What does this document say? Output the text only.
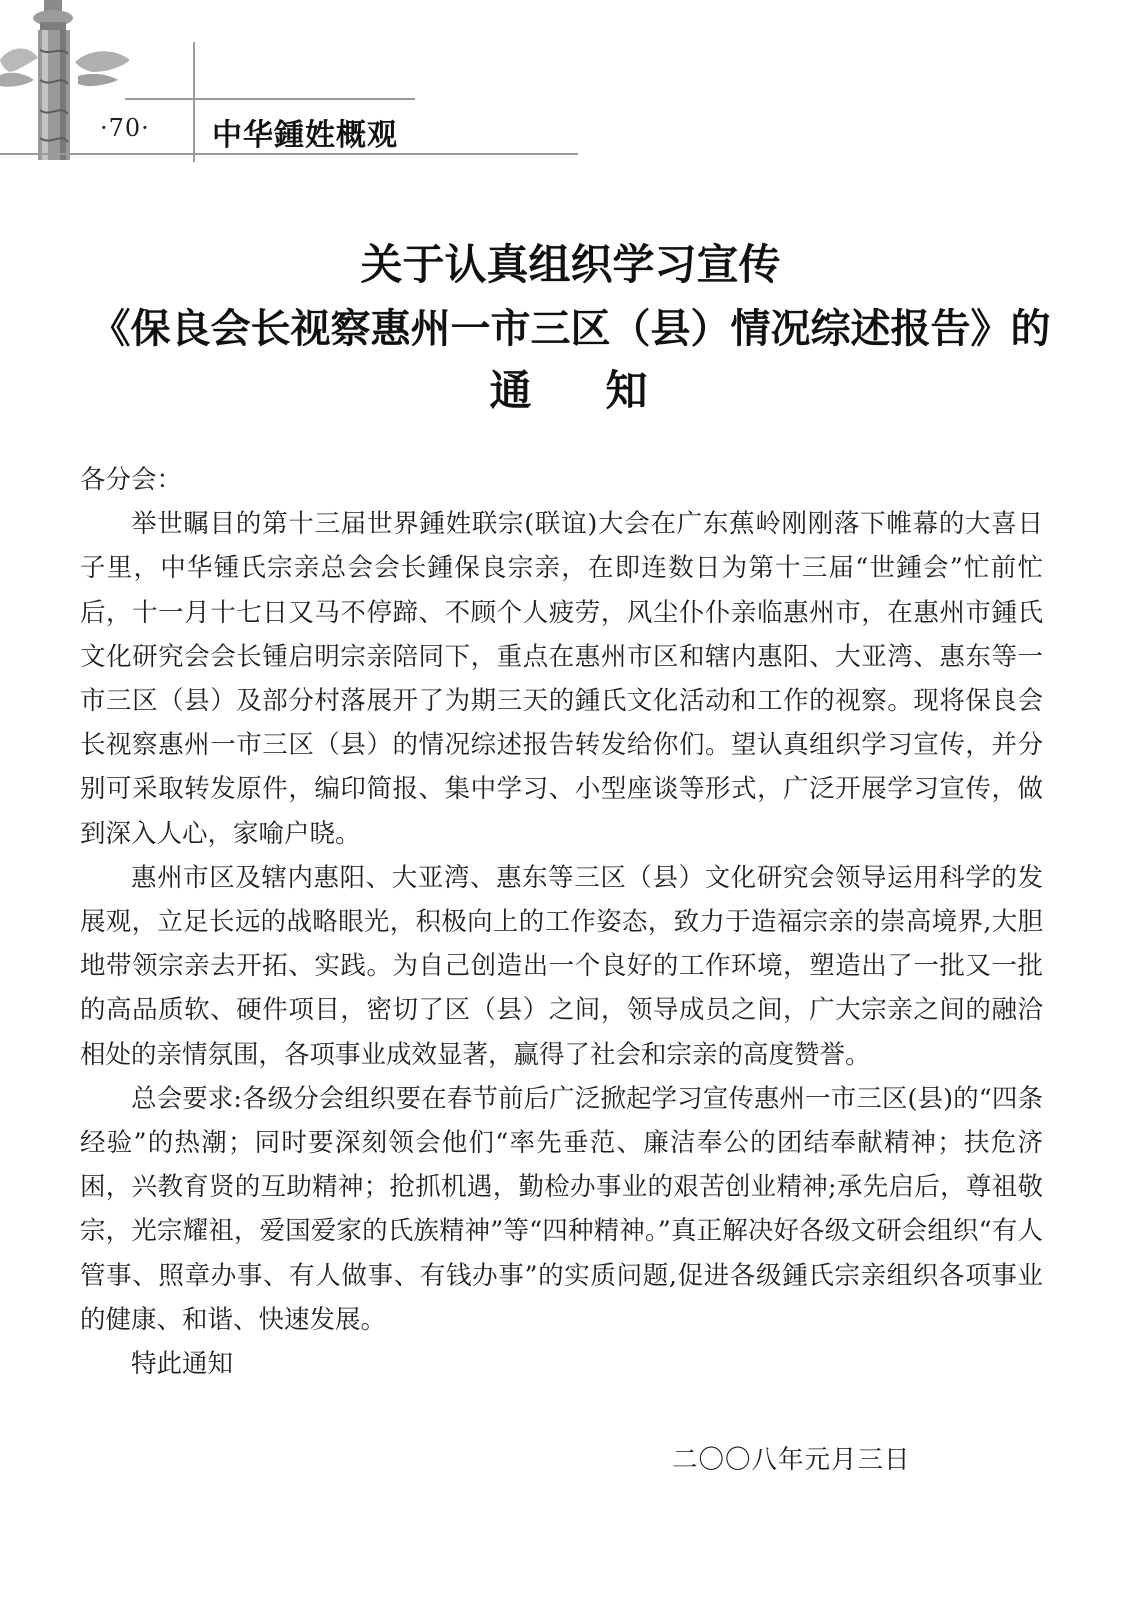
·70· 中华鍾姓概观
关于认真组织学习宣传
《保良会长视察惠州一市三区（县）情况综述报告》的
通 知

各分会：

举世瞩目的第十三届世界鍾姓联宗(联谊)大会在广东蕉岭刚刚落下帷幕的大喜日子里，中华锺氏宗亲总会会长鍾保良宗亲，在即连数日为第十三届“世鍾会”忙前忙后，十一月十七日又马不停蹄、不顾个人疲劳，风尘仆仆亲临惠州市，在惠州市鍾氏文化研究会会长锺启明宗亲陪同下，重点在惠州市区和辖内惠阳、大亚湾、惠东等一市三区（县）及部分村落展开了为期三天的鍾氏文化活动和工作的视察。现将保良会长视察惠州一市三区（县）的情况综述报告转发给你们。望认真组织学习宣传，并分别可采取转发原件，编印简报、集中学习、小型座谈等形式，广泛开展学习宣传，做到深入人心，家喻户晓。

惠州市区及辖内惠阳、大亚湾、惠东等三区（县）文化研究会领导运用科学的发展观，立足长远的战略眼光，积极向上的工作姿态，致力于造福宗亲的崇高境界,大胆地带领宗亲去开拓、实践。为自己创造出一个良好的工作环境，塑造出了一批又一批的高品质软、硬件项目，密切了区（县）之间，领导成员之间，广大宗亲之间的融洽相处的亲情氛围，各项事业成效显著，赢得了社会和宗亲的高度赞誉。

总会要求:各级分会组织要在春节前后广泛掀起学习宣传惠州一市三区(县)的“四条经验”的热潮；同时要深刻领会他们“率先垂范、廉洁奉公的团结奉献精神；扶危济困，兴教育贤的互助精神；抢抓机遇，勤检办事业的艰苦创业精神;承先启后，尊祖敬宗，光宗耀祖，爱国爱家的氏族精神”等“四种精神。”真正解决好各级文研会组织“有人管事、照章办事、有人做事、有钱办事”的实质问题,促进各级鍾氏宗亲组织各项事业的健康、和谐、快速发展。

特此通知

二〇〇八年元月三日
